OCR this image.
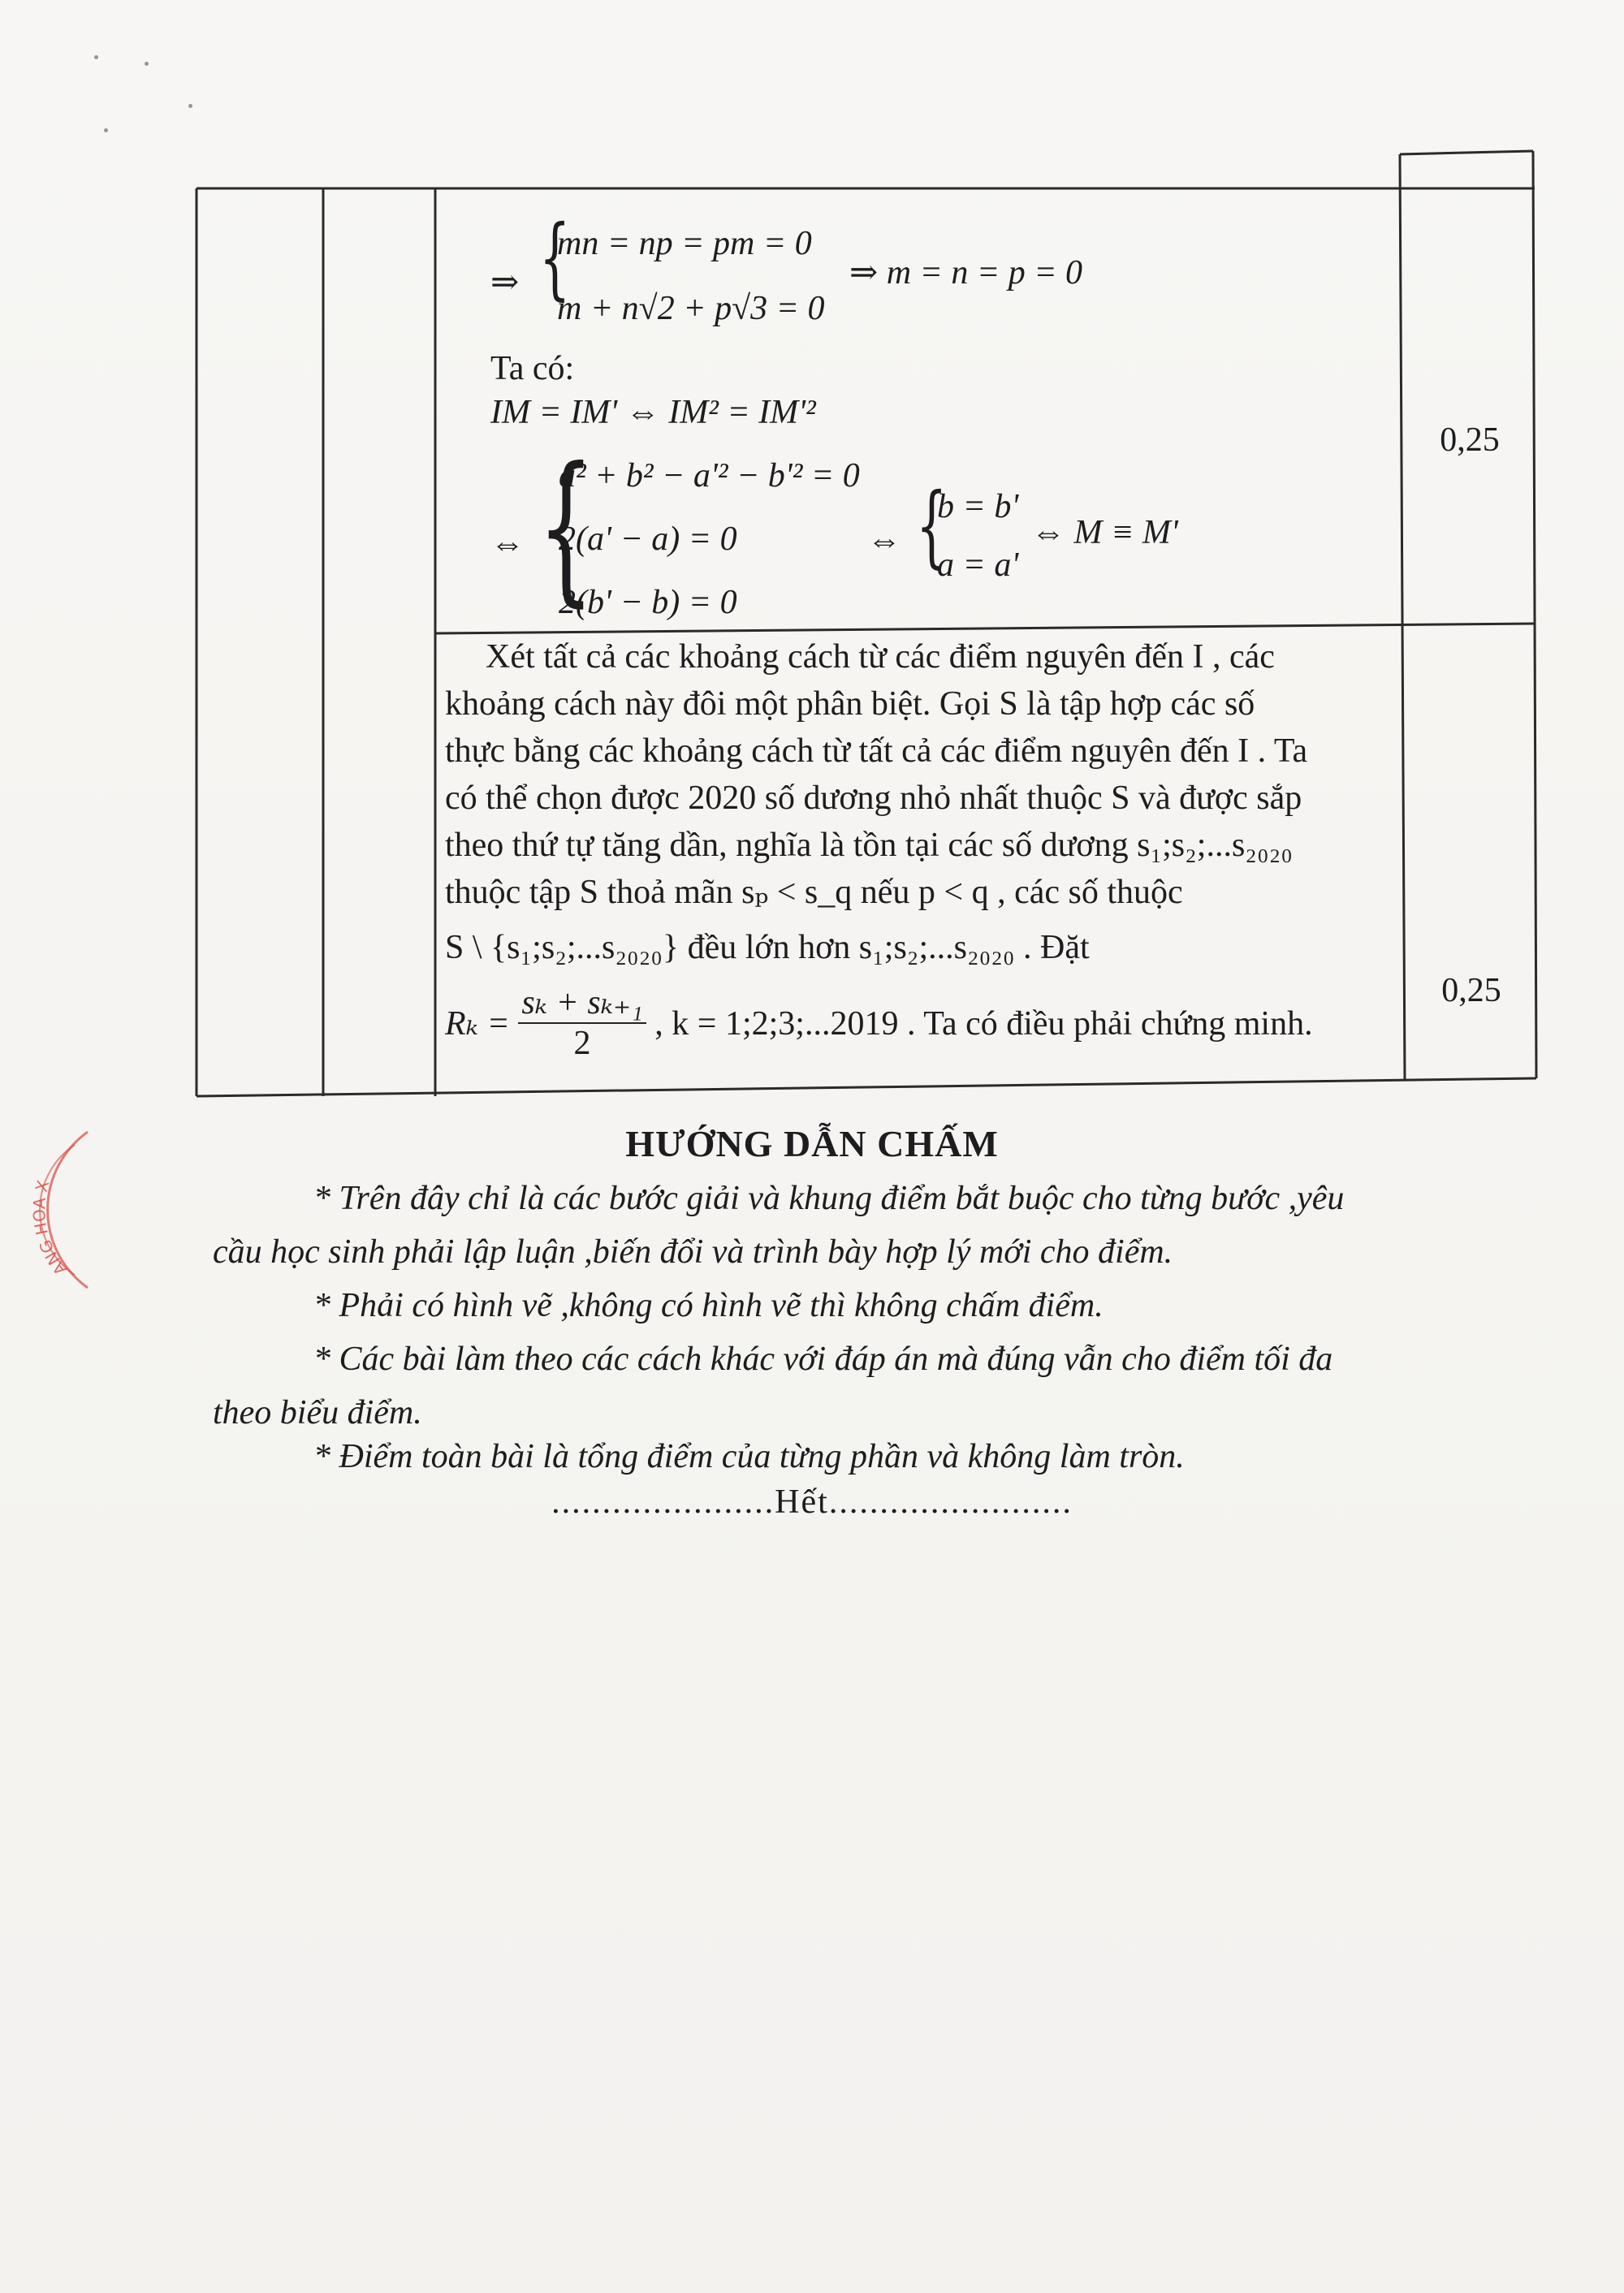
⇒ {
mn = np = pm = 0
m + n√2 + p√3 = 0
⇒ m = n = p = 0
Ta có:
IM = IM' ⇔ IM² = IM'²
⇔ {
a² + b² − a'² − b'² = 0
2(a' − a) = 0
2(b' − b) = 0
⇔ {
b = b'
a = a'
⇔ M ≡ M'
0,25

Xét tất cả các khoảng cách từ các điểm nguyên đến I , các

khoảng cách này đôi một phân biệt. Gọi S là tập hợp các số

thực bằng các khoảng cách từ tất cả các điểm nguyên đến I . Ta

có thể chọn được 2020 số dương nhỏ nhất thuộc S và được sắp

theo thứ tự tăng dần, nghĩa là tồn tại các số dương s₁;s₂;...s₂₀₂₀

thuộc tập S thoả mãn sₚ < s_q nếu p < q , các số thuộc

S \ {s₁;s₂;...s₂₀₂₀} đều lớn hơn s₁;s₂;...s₂₀₂₀ . Đặt

$R_k = \frac{\text{sₖ + sₖ₊₁}}{2}$ , k = 1;2;3;...2019 . Ta có điều phải chứng minh.

0,25
HƯỚNG DẪN CHẤM
* Trên đây chỉ là các bước giải và khung điểm bắt buộc cho từng bước ,yêu
cầu học sinh phải lập luận ,biến đổi và trình bày hợp lý mới cho điểm.
* Phải có hình vẽ ,không có hình vẽ thì không chấm điểm.
* Các bài làm theo các cách khác với đáp án mà đúng vẫn cho điểm tối đa
theo biểu điểm.
* Điểm toàn bài là tổng điểm của từng phần và không làm tròn.
......................Hết........................
ANG HOA X
